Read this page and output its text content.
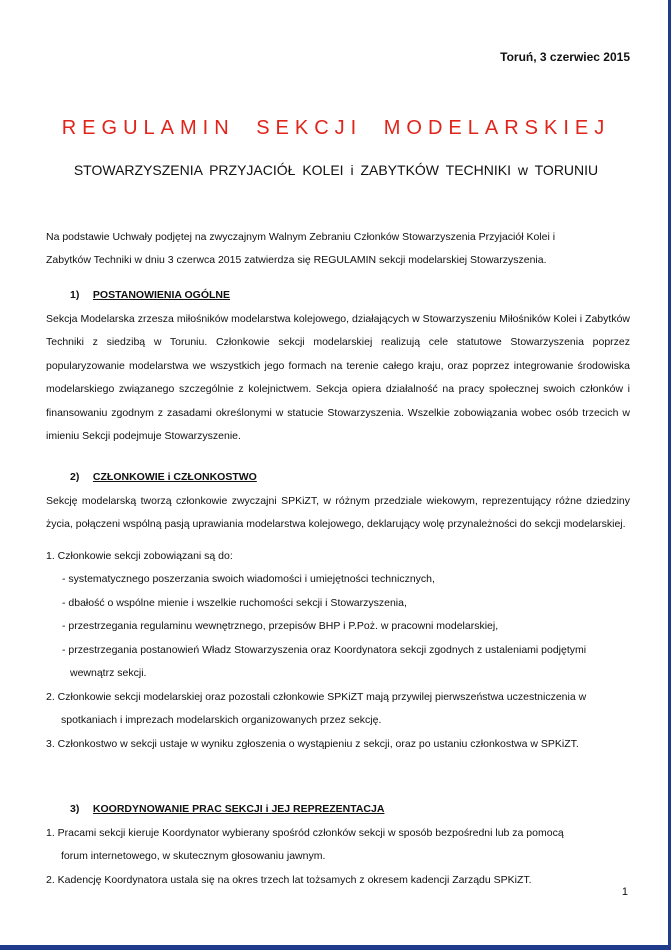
Toruń, 3 czerwiec 2015
REGULAMIN SEKCJI MODELARSKIEJ
STOWARZYSZENIA PRZYJACIÓŁ KOLEI i ZABYTKÓW TECHNIKI w TORUNIU

Na podstawie Uchwały podjętej na zwyczajnym Walnym Zebraniu Członków Stowarzyszenia Przyjaciół Kolei i

Zabytków Techniki w dniu 3 czerwca 2015 zatwierdza się REGULAMIN sekcji modelarskiej Stowarzyszenia.

1) POSTANOWIENIA OGÓLNE

Sekcja Modelarska zrzesza miłośników modelarstwa kolejowego, działających w Stowarzyszeniu Miłośników Kolei i Zabytków Techniki z siedzibą w Toruniu. Członkowie sekcji modelarskiej realizują cele statutowe Stowarzyszenia poprzez popularyzowanie modelarstwa we wszystkich jego formach na terenie całego kraju, oraz poprzez integrowanie środowiska modelarskiego związanego szczególnie z kolejnictwem. Sekcja opiera działalność na pracy społecznej swoich członków i finansowaniu zgodnym z zasadami określonymi w statucie Stowarzyszenia. Wszelkie zobowiązania wobec osób trzecich w imieniu Sekcji podejmuje Stowarzyszenie.

2) CZŁONKOWIE i CZŁONKOSTWO

Sekcję modelarską tworzą członkowie zwyczajni SPKiZT, w różnym przedziale wiekowym, reprezentujący różne dziedziny życia, połączeni wspólną pasją uprawiania modelarstwa kolejowego, deklarujący wolę przynależności do sekcji modelarskiej.

1. Członkowie sekcji zobowiązani są do:

- systematycznego poszerzania swoich wiadomości i umiejętności technicznych,

- dbałość o wspólne mienie i wszelkie ruchomości sekcji i Stowarzyszenia,

- przestrzegania regulaminu wewnętrznego, przepisów BHP i P.Poż. w pracowni modelarskiej,

- przestrzegania postanowień Władz Stowarzyszenia oraz Koordynatora sekcji zgodnych z ustaleniami podjętymi

wewnątrz sekcji.

2. Członkowie sekcji modelarskiej oraz pozostali członkowie SPKiZT mają przywilej pierwszeństwa uczestniczenia w

spotkaniach i imprezach modelarskich organizowanych przez sekcję.

3. Członkostwo w sekcji ustaje w wyniku zgłoszenia o wystąpieniu z sekcji, oraz po ustaniu członkostwa w SPKiZT.

3) KOORDYNOWANIE PRAC SEKCJI i JEJ REPREZENTACJA

1. Pracami sekcji kieruje Koordynator wybierany spośród członków sekcji w sposób bezpośredni lub za pomocą

forum internetowego, w skutecznym głosowaniu jawnym.

2. Kadencję Koordynatora ustala się na okres trzech lat tożsamych z okresem kadencji Zarządu SPKiZT.

1
